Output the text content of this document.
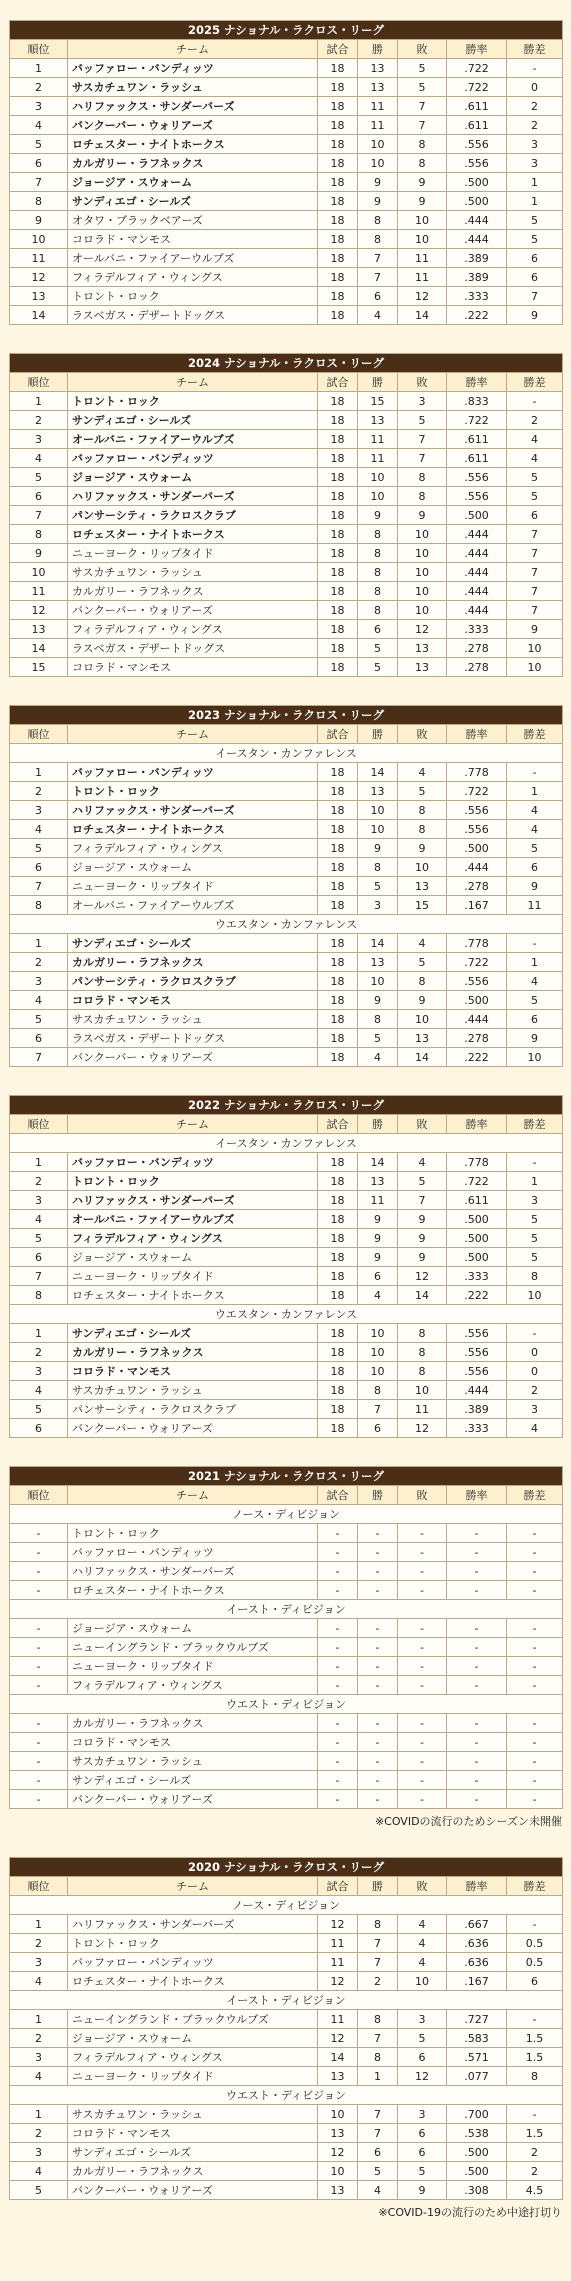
2025 ナショナル・ラクロス・リーグ						
順位	チーム	試合	勝	敗	勝率	勝差
1	バッファロー・バンディッツ	18	13	5	.722	-
2	サスカチュワン・ラッシュ	18	13	5	.722	0
3	ハリファックス・サンダーバーズ	18	11	7	.611	2
4	バンクーバー・ウォリアーズ	18	11	7	.611	2
5	ロチェスター・ナイトホークス	18	10	8	.556	3
6	カルガリー・ラフネックス	18	10	8	.556	3
7	ジョージア・スウォーム	18	9	9	.500	1
8	サンディエゴ・シールズ	18	9	9	.500	1
9	オタワ・ブラックベアーズ	18	8	10	.444	5
10	コロラド・マンモス	18	8	10	.444	5
11	オールバニ・ファイアーウルブズ	18	7	11	.389	6
12	フィラデルフィア・ウィングス	18	7	11	.389	6
13	トロント・ロック	18	6	12	.333	7
14	ラスベガス・デザートドッグス	18	4	14	.222	9
2024 ナショナル・ラクロス・リーグ						
順位	チーム	試合	勝	敗	勝率	勝差
1	トロント・ロック	18	15	3	.833	-
2	サンディエゴ・シールズ	18	13	5	.722	2
3	オールバニ・ファイアーウルブズ	18	11	7	.611	4
4	バッファロー・バンディッツ	18	11	7	.611	4
5	ジョージア・スウォーム	18	10	8	.556	5
6	ハリファックス・サンダーバーズ	18	10	8	.556	5
7	パンサーシティ・ラクロスクラブ	18	9	9	.500	6
8	ロチェスター・ナイトホークス	18	8	10	.444	7
9	ニューヨーク・リップタイド	18	8	10	.444	7
10	サスカチュワン・ラッシュ	18	8	10	.444	7
11	カルガリー・ラフネックス	18	8	10	.444	7
12	バンクーバー・ウォリアーズ	18	8	10	.444	7
13	フィラデルフィア・ウィングス	18	6	12	.333	9
14	ラスベガス・デザートドッグス	18	5	13	.278	10
15	コロラド・マンモス	18	5	13	.278	10
2023 ナショナル・ラクロス・リーグ						
順位	チーム	試合	勝	敗	勝率	勝差
イースタン・カンファレンス						
1	バッファロー・バンディッツ	18	14	4	.778	-
2	トロント・ロック	18	13	5	.722	1
3	ハリファックス・サンダーバーズ	18	10	8	.556	4
4	ロチェスター・ナイトホークス	18	10	8	.556	4
5	フィラデルフィア・ウィングス	18	9	9	.500	5
6	ジョージア・スウォーム	18	8	10	.444	6
7	ニューヨーク・リップタイド	18	5	13	.278	9
8	オールバニ・ファイアーウルブズ	18	3	15	.167	11
ウエスタン・カンファレンス						
1	サンディエゴ・シールズ	18	14	4	.778	-
2	カルガリー・ラフネックス	18	13	5	.722	1
3	パンサーシティ・ラクロスクラブ	18	10	8	.556	4
4	コロラド・マンモス	18	9	9	.500	5
5	サスカチュワン・ラッシュ	18	8	10	.444	6
6	ラスベガス・デザートドッグス	18	5	13	.278	9
7	バンクーバー・ウォリアーズ	18	4	14	.222	10
2022 ナショナル・ラクロス・リーグ						
順位	チーム	試合	勝	敗	勝率	勝差
イースタン・カンファレンス						
1	バッファロー・バンディッツ	18	14	4	.778	-
2	トロント・ロック	18	13	5	.722	1
3	ハリファックス・サンダーバーズ	18	11	7	.611	3
4	オールバニ・ファイアーウルブズ	18	9	9	.500	5
5	フィラデルフィア・ウィングス	18	9	9	.500	5
6	ジョージア・スウォーム	18	9	9	.500	5
7	ニューヨーク・リップタイド	18	6	12	.333	8
8	ロチェスター・ナイトホークス	18	4	14	.222	10
ウエスタン・カンファレンス						
1	サンディエゴ・シールズ	18	10	8	.556	-
2	カルガリー・ラフネックス	18	10	8	.556	0
3	コロラド・マンモス	18	10	8	.556	0
4	サスカチュワン・ラッシュ	18	8	10	.444	2
5	パンサーシティ・ラクロスクラブ	18	7	11	.389	3
6	バンクーバー・ウォリアーズ	18	6	12	.333	4
2021 ナショナル・ラクロス・リーグ						
順位	チーム	試合	勝	敗	勝率	勝差
ノース・ディビジョン						
-	トロント・ロック	-	-	-	-	-
-	バッファロー・バンディッツ	-	-	-	-	-
-	ハリファックス・サンダーバーズ	-	-	-	-	-
-	ロチェスター・ナイトホークス	-	-	-	-	-
イースト・ディビジョン						
-	ジョージア・スウォーム	-	-	-	-	-
-	ニューイングランド・ブラックウルブズ	-	-	-	-	-
-	ニューヨーク・リップタイド	-	-	-	-	-
-	フィラデルフィア・ウィングス	-	-	-	-	-
ウエスト・ディビジョン						
-	カルガリー・ラフネックス	-	-	-	-	-
-	コロラド・マンモス	-	-	-	-	-
-	サスカチュワン・ラッシュ	-	-	-	-	-
-	サンディエゴ・シールズ	-	-	-	-	-
-	バンクーバー・ウォリアーズ	-	-	-	-	-
※COVIDの流行のためシーズン未開催
2020 ナショナル・ラクロス・リーグ						
順位	チーム	試合	勝	敗	勝率	勝差
ノース・ディビジョン						
1	ハリファックス・サンダーバーズ	12	8	4	.667	-
2	トロント・ロック	11	7	4	.636	0.5
3	バッファロー・バンディッツ	11	7	4	.636	0.5
4	ロチェスター・ナイトホークス	12	2	10	.167	6
イースト・ディビジョン						
1	ニューイングランド・ブラックウルブズ	11	8	3	.727	-
2	ジョージア・スウォーム	12	7	5	.583	1.5
3	フィラデルフィア・ウィングス	14	8	6	.571	1.5
4	ニューヨーク・リップタイド	13	1	12	.077	8
ウエスト・ディビジョン						
1	サスカチュワン・ラッシュ	10	7	3	.700	-
2	コロラド・マンモス	13	7	6	.538	1.5
3	サンディエゴ・シールズ	12	6	6	.500	2
4	カルガリー・ラフネックス	10	5	5	.500	2
5	バンクーバー・ウォリアーズ	13	4	9	.308	4.5
※COVID-19の流行のため中途打切り
